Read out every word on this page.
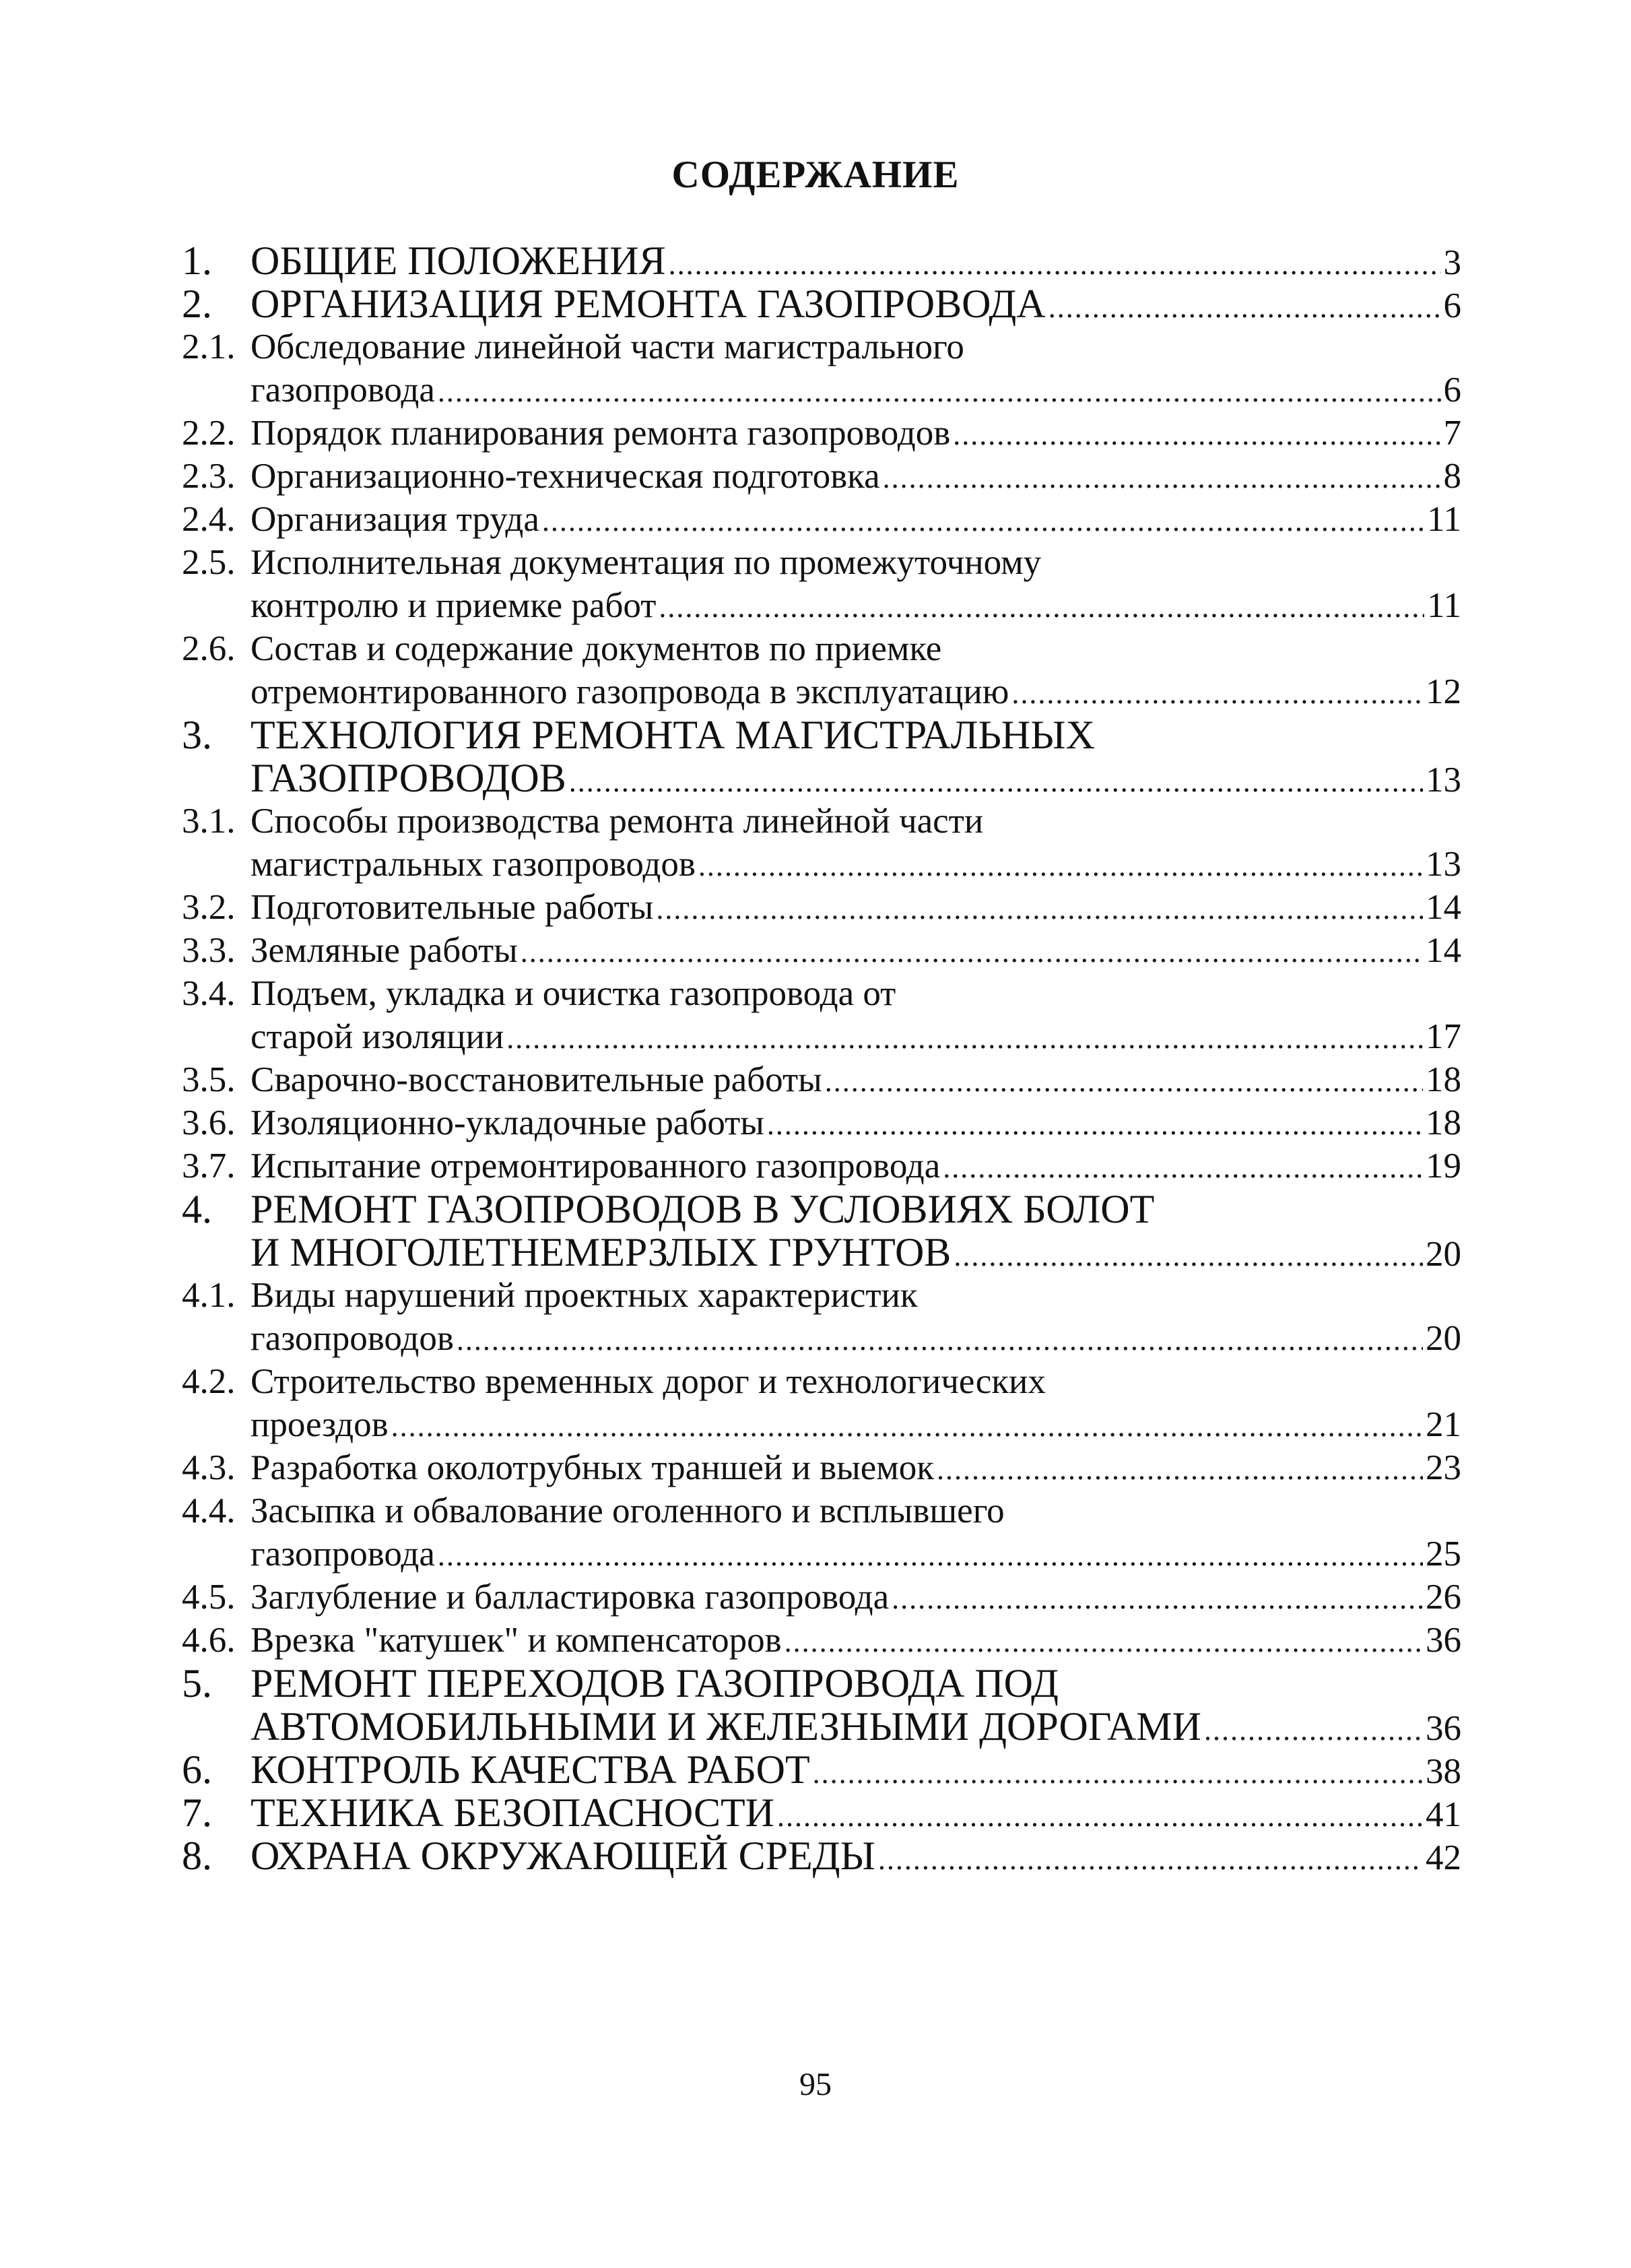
СОДЕРЖАНИЕ
1. ОБЩИЕ ПОЛОЖЕНИЯ .....	3
2. ОРГАНИЗАЦИЯ РЕМОНТА ГАЗОПРОВОДА .....	6
2.1. Обследование линейной части магистрального
газопровода .....	6
2.2. Порядок планирования ремонта газопроводов .....	7
2.3. Организационно-техническая подготовка .....	8
2.4. Организация труда .....	11
2.5. Исполнительная документация по промежуточному
контролю и приемке работ .....	11
2.6. Состав и содержание документов по приемке
отремонтированного газопровода в эксплуатацию .....	12
3. ТЕХНОЛОГИЯ РЕМОНТА МАГИСТРАЛЬНЫХ
ГАЗОПРОВОДОВ .....	13
3.1. Способы производства ремонта линейной части
магистральных газопроводов .....	13
3.2. Подготовительные работы .....	14
3.3. Земляные работы .....	14
3.4. Подъем, укладка и очистка газопровода от
старой изоляции .....	17
3.5. Сварочно-восстановительные работы .....	18
3.6. Изоляционно-укладочные работы .....	18
3.7. Испытание отремонтированного газопровода .....	19
4. РЕМОНТ ГАЗОПРОВОДОВ В УСЛОВИЯХ БОЛОТ
И МНОГОЛЕТНЕМЕРЗЛЫХ ГРУНТОВ .....	20
4.1. Виды нарушений проектных характеристик
газопроводов .....	20
4.2. Строительство временных дорог и технологических
проездов .....	21
4.3. Разработка околотрубных траншей и выемок .....	23
4.4. Засыпка и обвалование оголенного и всплывшего
газопровода .....	25
4.5. Заглубление и балластировка газопровода .....	26
4.6. Врезка "катушек" и компенсаторов .....	36
5. РЕМОНТ ПЕРЕХОДОВ ГАЗОПРОВОДА ПОД
АВТОМОБИЛЬНЫМИ И ЖЕЛЕЗНЫМИ ДОРОГАМИ .....	36
6. КОНТРОЛЬ КАЧЕСТВА РАБОТ .....	38
7. ТЕХНИКА БЕЗОПАСНОСТИ .....	41
8. ОХРАНА ОКРУЖАЮЩЕЙ СРЕДЫ .....	42
95
